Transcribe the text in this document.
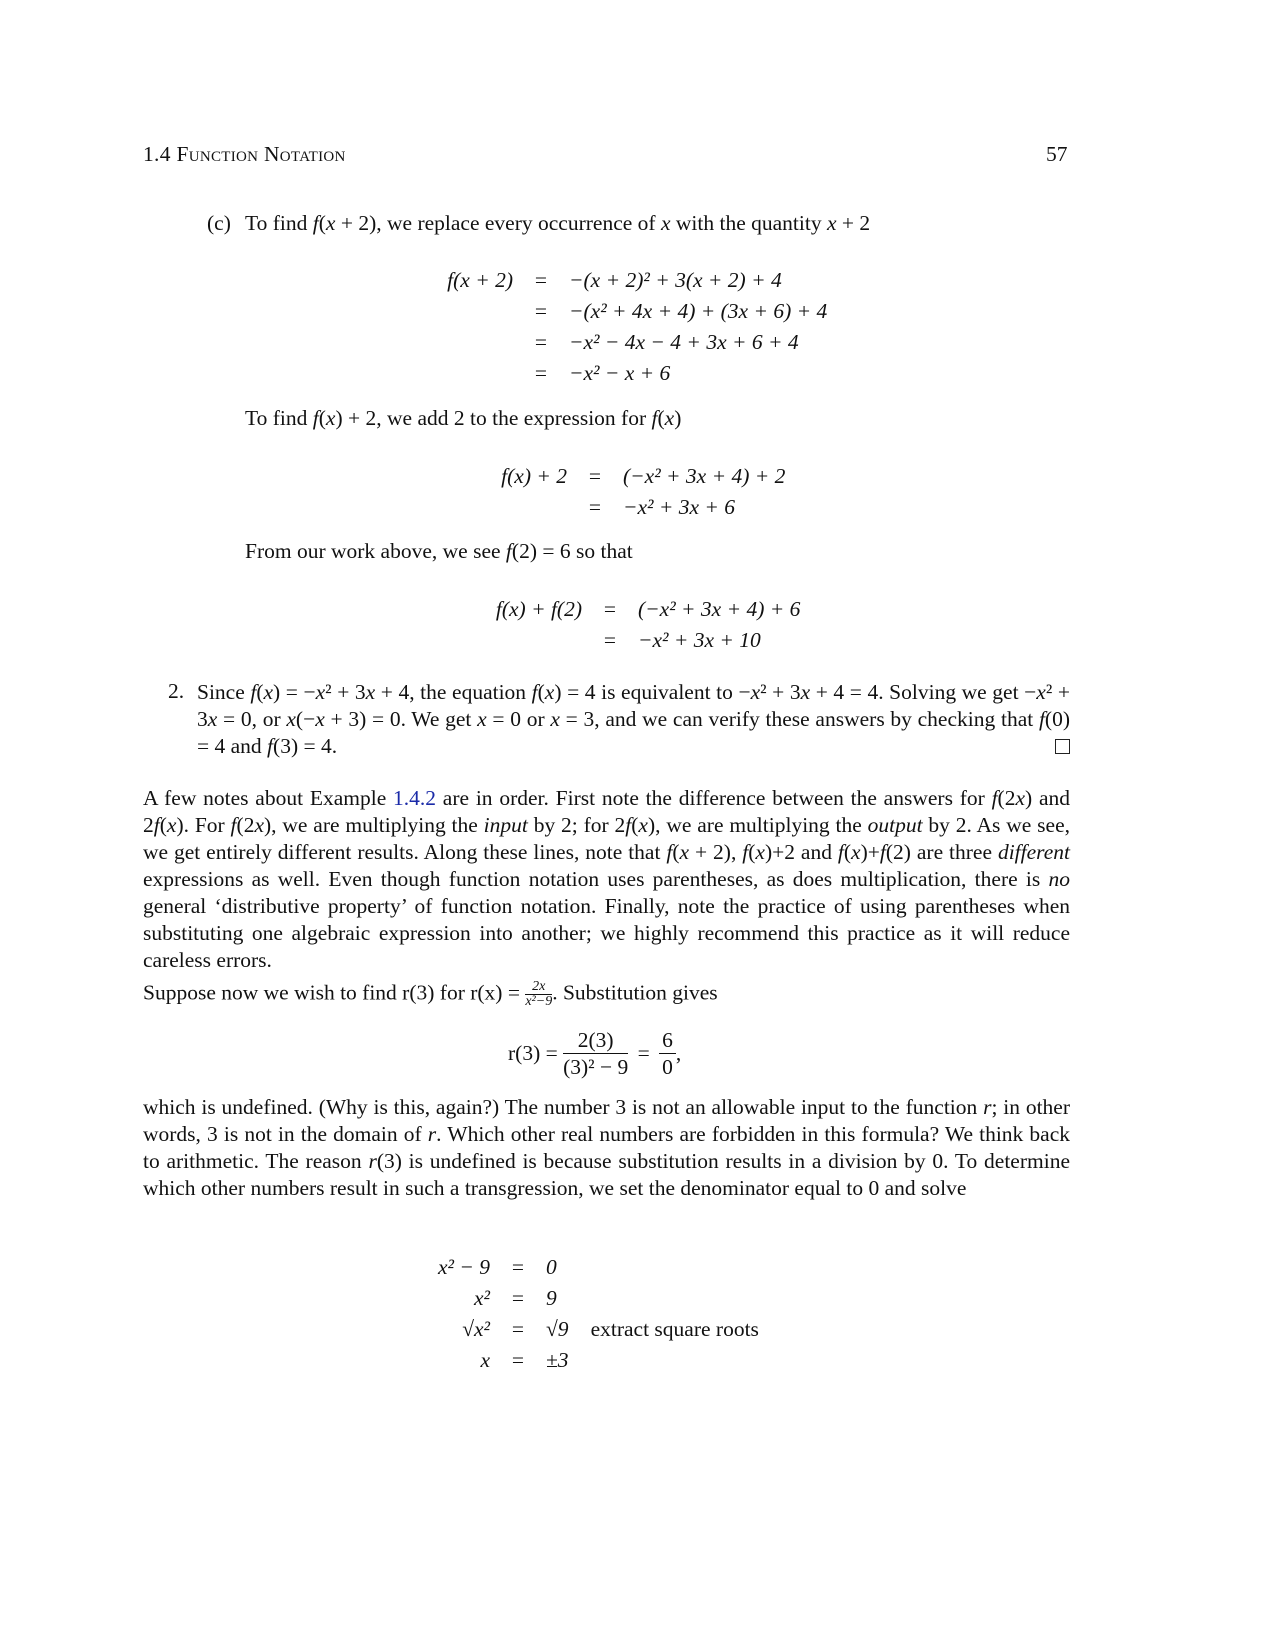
1.4 Function Notation	57
(c) To find f(x + 2), we replace every occurrence of x with the quantity x + 2
f(x + 2)	=	−(x + 2)² + 3(x + 2) + 4
	=	−(x² + 4x + 4) + (3x + 6) + 4
	=	−x² − 4x − 4 + 3x + 6 + 4
	=	−x² − x + 6
To find f(x) + 2, we add 2 to the expression for f(x)
f(x) + 2	=	(−x² + 3x + 4) + 2
	=	−x² + 3x + 6
From our work above, we see f(2) = 6 so that
f(x) + f(2)	=	(−x² + 3x + 4) + 6
	=	−x² + 3x + 10
2. Since f(x) = −x² + 3x + 4, the equation f(x) = 4 is equivalent to −x² + 3x + 4 = 4. Solving we get −x² + 3x = 0, or x(−x + 3) = 0. We get x = 0 or x = 3, and we can verify these answers by checking that f(0) = 4 and f(3) = 4.
A few notes about Example 1.4.2 are in order. First note the difference between the answers for f(2x) and 2f(x). For f(2x), we are multiplying the input by 2; for 2f(x), we are multiplying the output by 2. As we see, we get entirely different results. Along these lines, note that f(x + 2), f(x)+2 and f(x)+f(2) are three different expressions as well. Even though function notation uses parentheses, as does multiplication, there is no general ‘distributive property’ of function notation. Finally, note the practice of using parentheses when substituting one algebraic expression into another; we highly recommend this practice as it will reduce careless errors.
Suppose now we wish to find r(3) for $r(x) = \frac{2x}{\text{x²−9}}$ . Substitution gives
$r(3) = \frac{2(3)}{\text{(3)² − 9}} = \frac{6}{0}$ ,
which is undefined. (Why is this, again?) The number 3 is not an allowable input to the function r; in other words, 3 is not in the domain of r. Which other real numbers are forbidden in this formula? We think back to arithmetic. The reason r(3) is undefined is because substitution results in a division by 0. To determine which other numbers result in such a transgression, we set the denominator equal to 0 and solve
x² − 9	=	0	
x²	=	9	
√x²	=	√9	extract square roots
x	=	±3	
